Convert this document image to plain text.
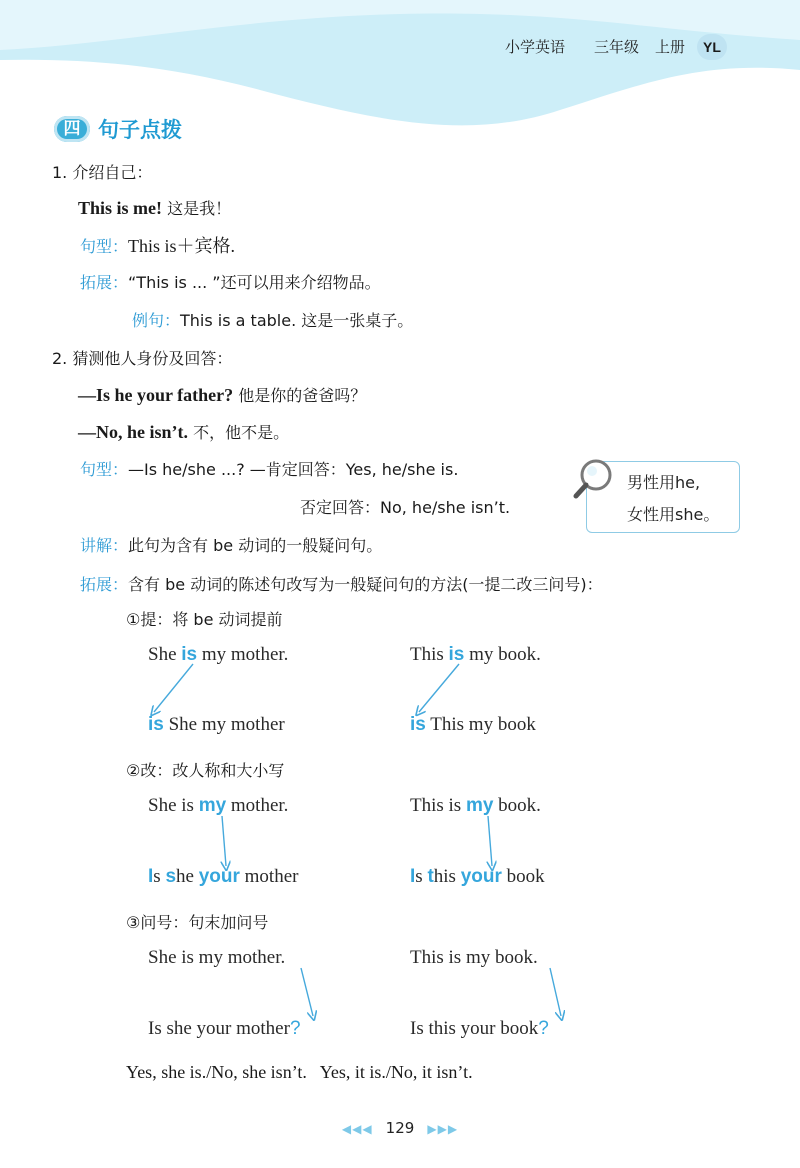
小学英语 三年级 上册	YL
四 句子点拨
1. 介绍自己：
This is me! 这是我！
句型：This is＋宾格.
拓展：“This is ... ”还可以用来介绍物品。
例句：This is a table. 这是一张桌子。
2. 猜测他人身份及回答：
—Is he your father? 他是你的爸爸吗？
—No, he isn’t. 不，他不是。
句型：—Is he/she ...? —肯定回答：Yes, he/she is.
否定回答：No, he/she isn’t.
男性用he,
女性用she。
讲解：此句为含有 be 动词的一般疑问句。
拓展：含有 be 动词的陈述句改写为一般疑问句的方法(一提二改三问号)：
①提：将 be 动词提前
She is my mother.	This is my book.
is She my mother	is This my book
②改：改人称和大小写
She is my mother.	This is my book.
Is she your mother	Is this your book
③问号：句末加问号
She is my mother.	This is my book.
Is she your mother?	Is this your book?
Yes, she is./No, she isn’t.   Yes, it is./No, it isn’t.
◀◀◀ 129 ▶▶▶
